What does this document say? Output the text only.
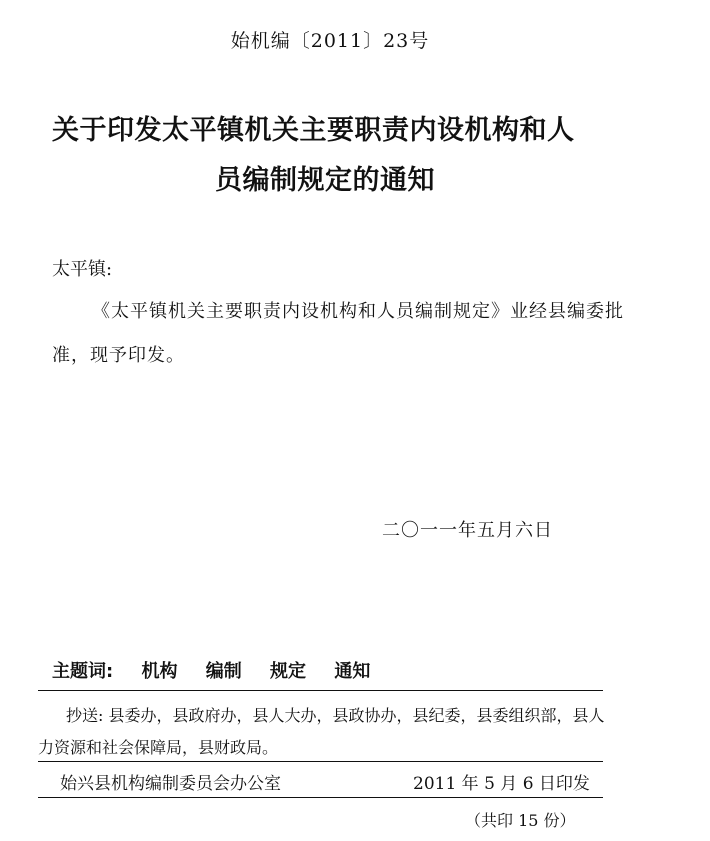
始机编〔2011〕23号
关于印发太平镇机关主要职责内设机构和人
员编制规定的通知
太平镇:
《太平镇机关主要职责内设机构和人员编制规定》业经县编委批准，现予印发。
二〇一一年五月六日
主题词: 机构 编制 规定 通知
抄送: 县委办，县政府办，县人大办，县政协办，县纪委，县委组织部，县人力资源和社会保障局，县财政局。
始兴县机构编制委员会办公室	2011 年 5 月 6 日印发
（共印 15 份）
